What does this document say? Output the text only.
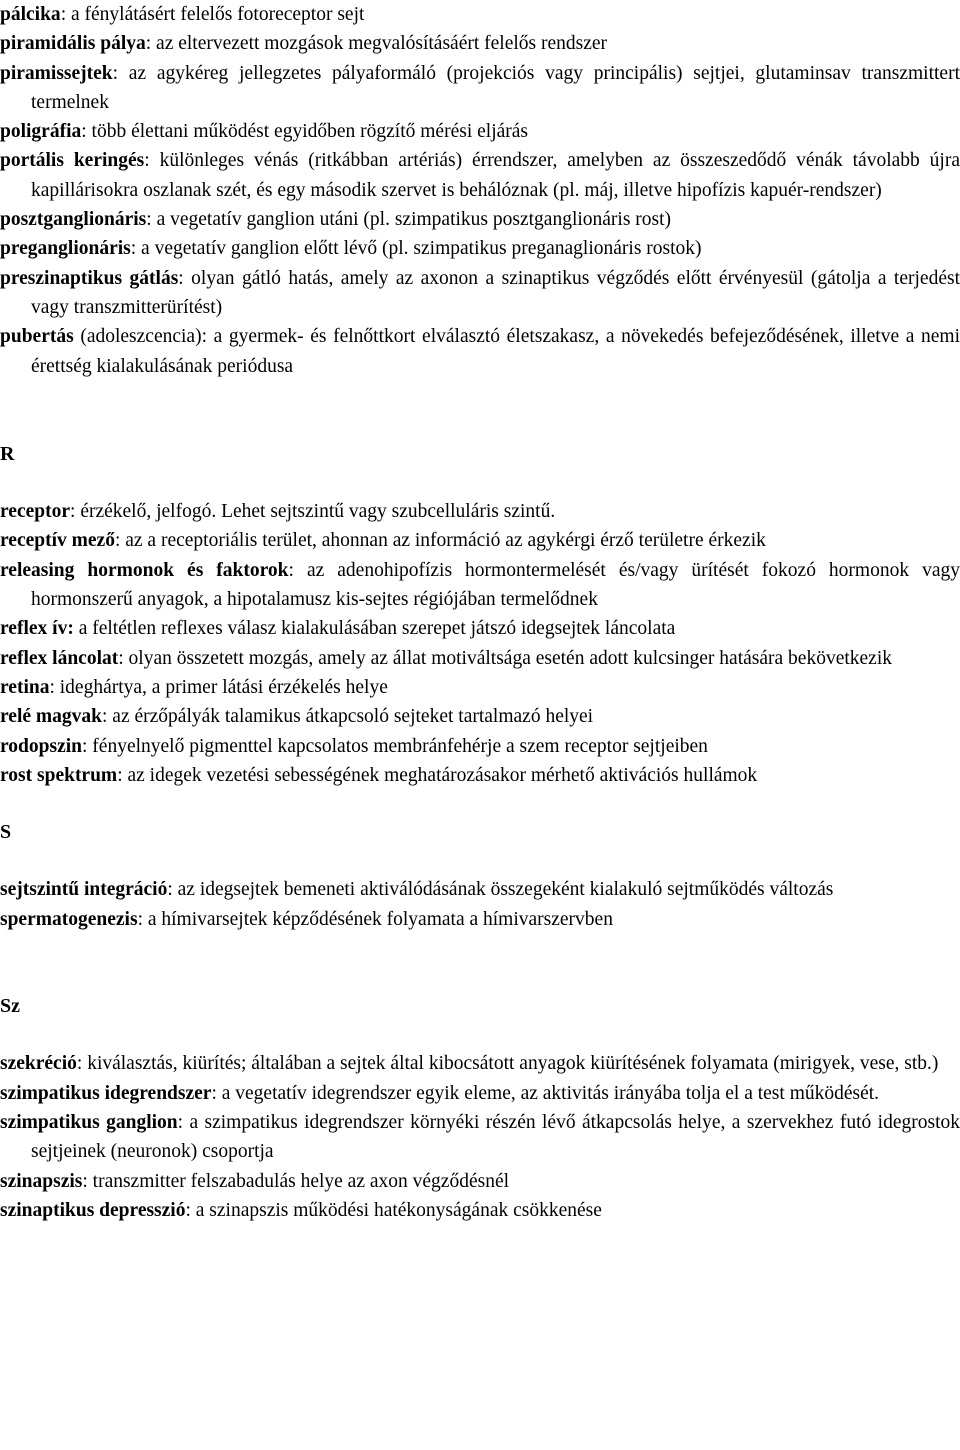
pálcika: a fénylátásért felelős fotoreceptor sejt

piramidális pálya: az eltervezett mozgások megvalósításáért felelős rendszer

piramissejtek: az agykéreg jellegzetes pályaformáló (projekciós vagy principális) sejtjei, glutaminsav transzmittert termelnek

poligráfia: több élettani működést egyidőben rögzítő mérési eljárás

portális keringés: különleges vénás (ritkábban artériás) érrendszer, amelyben az összeszedődő vénák távolabb újra kapillárisokra oszlanak szét, és egy második szervet is behálóznak (pl. máj, illetve hipofízis kapuér-rendszer)

posztganglionáris: a vegetatív ganglion utáni (pl. szimpatikus posztganglionáris rost)

preganglionáris: a vegetatív ganglion előtt lévő (pl. szimpatikus preganaglionáris rostok)

preszinaptikus gátlás: olyan gátló hatás, amely az axonon a szinaptikus végződés előtt érvényesül (gátolja a terjedést vagy transzmitterürítést)

pubertás (adoleszcencia): a gyermek- és felnőttkort elválasztó életszakasz, a növekedés befejeződésének, illetve a nemi érettség kialakulásának periódusa

R

receptor: érzékelő, jelfogó. Lehet sejtszintű vagy szubcelluláris szintű.

receptív mező: az a receptoriális terület, ahonnan az információ az agykérgi érző területre érkezik

releasing hormonok és faktorok: az adenohipofízis hormontermelését és/vagy ürítését fokozó hormonok vagy hormonszerű anyagok, a hipotalamusz kis-sejtes régiójában termelődnek

reflex ív: a feltétlen reflexes válasz kialakulásában szerepet játszó idegsejtek láncolata

reflex láncolat: olyan összetett mozgás, amely az állat motiváltsága esetén adott kulcsinger hatására bekövetkezik

retina: ideghártya, a primer látási érzékelés helye

relé magvak: az érzőpályák talamikus átkapcsoló sejteket tartalmazó helyei

rodopszin: fényelnyelő pigmenttel kapcsolatos membránfehérje a szem receptor sejtjeiben

rost spektrum: az idegek vezetési sebességének meghatározásakor mérhető aktivációs hullámok

S

sejtszintű integráció: az idegsejtek bemeneti aktiválódásának összegeként kialakuló sejtműködés változás

spermatogenezis: a hímivarsejtek képződésének folyamata a hímivarszervben

Sz

szekréció: kiválasztás, kiürítés; általában a sejtek által kibocsátott anyagok kiürítésének folyamata (mirigyek, vese, stb.)

szimpatikus idegrendszer: a vegetatív idegrendszer egyik eleme, az aktivitás irányába tolja el a test működését.

szimpatikus ganglion: a szimpatikus idegrendszer környéki részén lévő átkapcsolás helye, a szervekhez futó idegrostok sejtjeinek (neuronok) csoportja

szinapszis: transzmitter felszabadulás helye az axon végződésnél

szinaptikus depresszió: a szinapszis működési hatékonyságának csökkenése
